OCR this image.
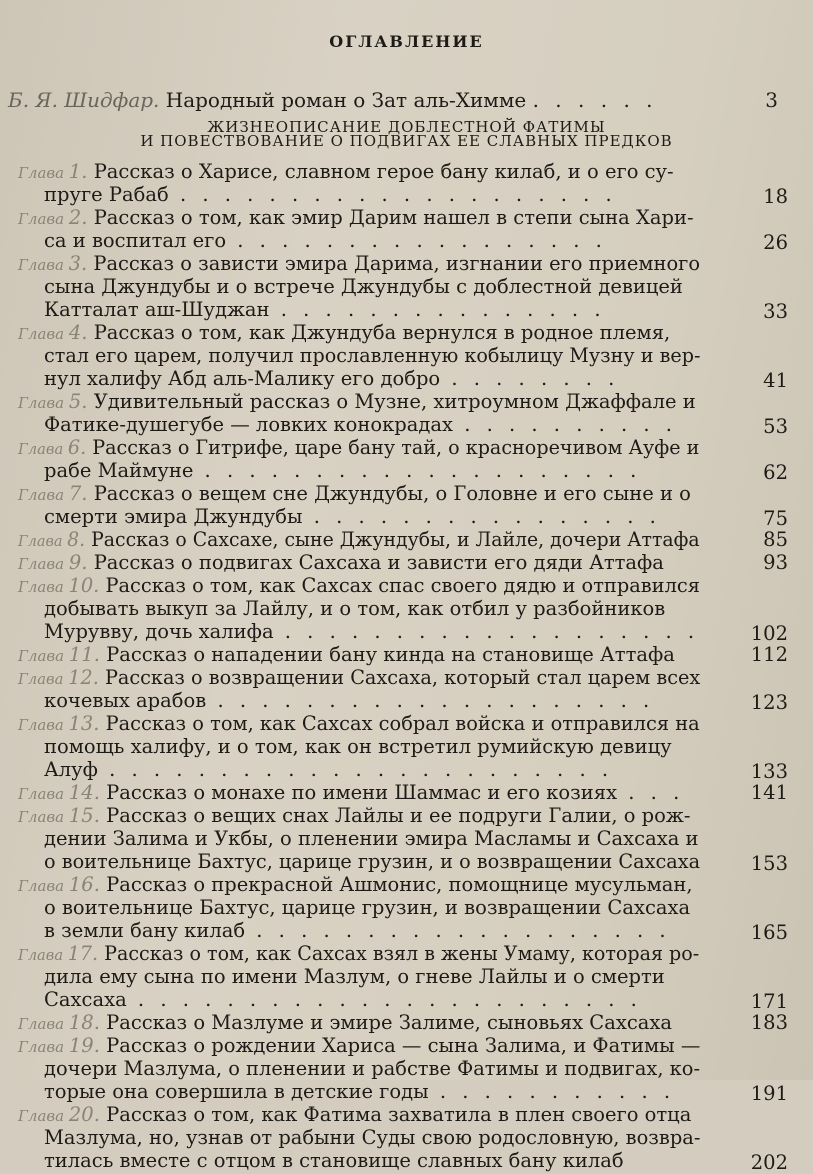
ОГЛАВЛЕНИЕ
Б. Я. Шидфар. Народный роман о Зат аль-Химме . . . . . .	3
ЖИЗНЕОПИСАНИЕ ДОБЛЕСТНОЙ ФАТИМЫ
И ПОВЕСТВОВАНИЕ О ПОДВИГАХ ЕЕ СЛАВНЫХ ПРЕДКОВ
Глава 1. Рассказ о Харисе, славном герое бану килаб, и о его су-
пруге Рабаб . . . . . . . . . . . . . . . . . . . .	18
Глава 2. Рассказ о том, как эмир Дарим нашел в степи сына Хари-
са и воспитал его . . . . . . . . . . . . . . . . .	26
Глава 3. Рассказ о зависти эмира Дарима, изгнании его приемного
сына Джундубы и о встрече Джундубы с доблестной девицей
Катталат аш-Шуджан . . . . . . . . . . . . . . .	33
Глава 4. Рассказ о том, как Джундуба вернулся в родное племя,
стал его царем, получил прославленную кобылицу Музну и вер-
нул халифу Абд аль-Малику его добро . . . . . . . .	41
Глава 5. Удивительный рассказ о Музне, хитроумном Джаффале и
Фатике-душегубе — ловких конокрадах . . . . . . . . . .	53
Глава 6. Рассказ о Гитрифе, царе бану тай, о красноречивом Ауфе и
рабе Маймуне . . . . . . . . . . . . . . . . . . . .	62
Глава 7. Рассказ о вещем сне Джундубы, о Головне и его сыне и о
смерти эмира Джундубы . . . . . . . . . . . . . . . .	75
Глава 8. Рассказ о Сахсахе, сыне Джундубы, и Лайле, дочери Аттафа	85
Глава 9. Рассказ о подвигах Сахсаха и зависти его дяди Аттафа	93
Глава 10. Рассказ о том, как Сахсах спас своего дядю и отправился
добывать выкуп за Лайлу, и о том, как отбил у разбойников
Мурувву, дочь халифа . . . . . . . . . . . . . . . . . . .	102
Глава 11. Рассказ о нападении бану кинда на становище Аттафа	112
Глава 12. Рассказ о возвращении Сахсаха, который стал царем всех
кочевых арабов . . . . . . . . . . . . . . . . . . . .	123
Глава 13. Рассказ о том, как Сахсах собрал войска и отправился на
помощь халифу, и о том, как он встретил румийскую девицу
Алуф . . . . . . . . . . . . . . . . . . . . . . .	133
Глава 14. Рассказ о монахе по имени Шаммас и его козиях . . .	141
Глава 15. Рассказ о вещих снах Лайлы и ее подруги Галии, о рож-
дении Залима и Укбы, о пленении эмира Масламы и Сахсаха и
о воительнице Бахтус, царице грузин, и о возвращении Сахсаха	153
Глава 16. Рассказ о прекрасной Ашмонис, помощнице мусульман,
о воительнице Бахтус, царице грузин, и возвращении Сахсаха
в земли бану килаб . . . . . . . . . . . . . . . . . . .	165
Глава 17. Рассказ о том, как Сахсах взял в жены Умаму, которая ро-
дила ему сына по имени Мазлум, о гневе Лайлы и о смерти
Сахсаха . . . . . . . . . . . . . . . . . . . . . . .	171
Глава 18. Рассказ о Мазлуме и эмире Залиме, сыновьях Сахсаха	183
Глава 19. Рассказ о рождении Хариса — сына Залима, и Фатимы —
дочери Мазлума, о пленении и рабстве Фатимы и подвигах, ко-
торые она совершила в детские годы . . . . . . . . . . .	191
Глава 20. Рассказ о том, как Фатима захватила в плен своего отца
Мазлума, но, узнав от рабыни Суды свою родословную, возвра-
тилась вместе с отцом в становище славных бану килаб	202
